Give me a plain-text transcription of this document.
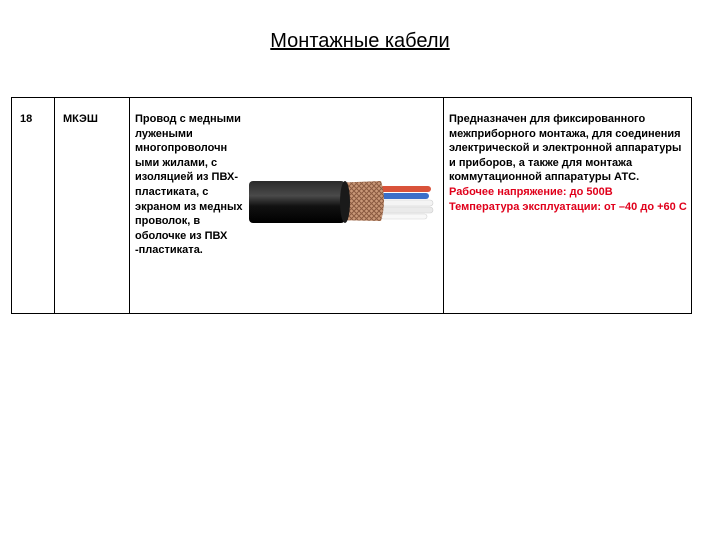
Монтажные кабели
18	МКЭШ	Провод с медными лужеными многопроволочн ыми жилами, с изоляцией из ПВХ-пластиката, с экраном из медных проволок, в оболочке из ПВХ -пластиката.
Предназначен для фиксированного межприборного монтажа, для соединения электрической и электронной аппаратуры и приборов, а также для монтажа коммутационной аппаратуры АТС.
Рабочее напряжение: до 500В
Температура эксплуатации: от –40 до +60 С
